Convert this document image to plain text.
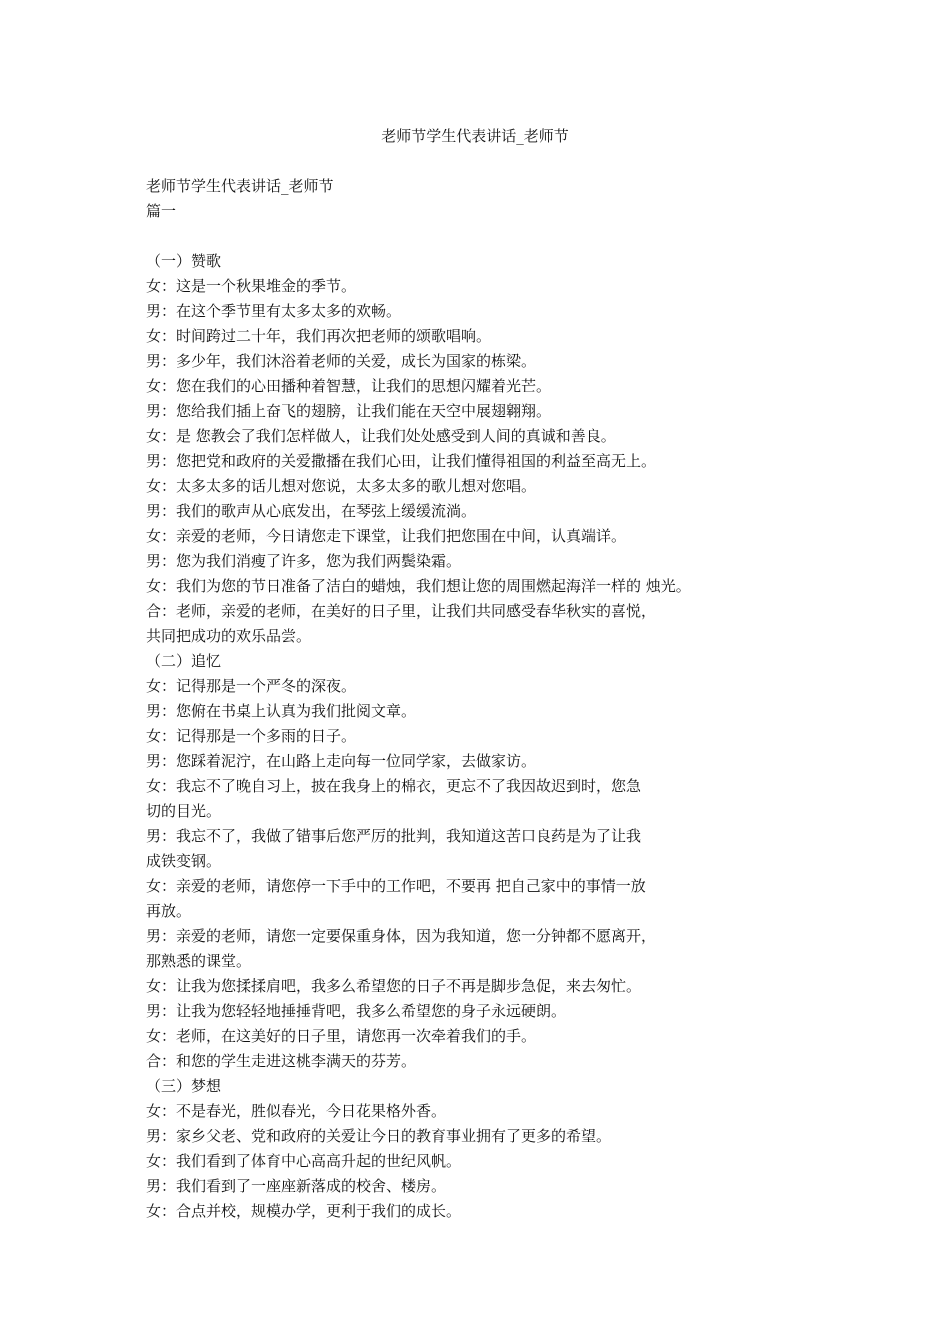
老师节学生代表讲话_老师节
老师节学生代表讲话_老师节
篇一
（一）赞歌
女：这是一个秋果堆金的季节。
男：在这个季节里有太多太多的欢畅。
女：时间跨过二十年，我们再次把老师的颂歌唱响。
男：多少年，我们沐浴着老师的关爱，成长为国家的栋梁。
女：您在我们的心田播种着智慧，让我们的思想闪耀着光芒。
男：您给我们插上奋飞的翅膀，让我们能在天空中展翅翱翔。
女：是 您教会了我们怎样做人，让我们处处感受到人间的真诚和善良。
男：您把党和政府的关爱撒播在我们心田，让我们懂得祖国的利益至高无上。
女：太多太多的话儿想对您说，太多太多的歌儿想对您唱。
男：我们的歌声从心底发出，在琴弦上缓缓流淌。
女：亲爱的老师，今日请您走下课堂，让我们把您围在中间，认真端详。
男：您为我们消瘦了许多，您为我们两鬓染霜。
女：我们为您的节日准备了洁白的蜡烛，我们想让您的周围燃起海洋一样的 烛光。
合：老师，亲爱的老师，在美好的日子里，让我们共同感受春华秋实的喜悦，
共同把成功的欢乐品尝。
（二）追忆
女：记得那是一个严冬的深夜。
男：您俯在书桌上认真为我们批阅文章。
女：记得那是一个多雨的日子。
男：您踩着泥泞，在山路上走向每一位同学家，去做家访。
女：我忘不了晚自习上，披在我身上的棉衣，更忘不了我因故迟到时，您急
切的目光。
男：我忘不了，我做了错事后您严厉的批判，我知道这苦口良药是为了让我
成铁变钢。
女：亲爱的老师，请您停一下手中的工作吧，不要再 把自己家中的事情一放
再放。
男：亲爱的老师，请您一定要保重身体，因为我知道，您一分钟都不愿离开，
那熟悉的课堂。
女：让我为您揉揉肩吧，我多么希望您的日子不再是脚步急促，来去匆忙。
男：让我为您轻轻地捶捶背吧，我多么希望您的身子永远硬朗。
女：老师，在这美好的日子里，请您再一次牵着我们的手。
合：和您的学生走进这桃李满天的芬芳。
（三）梦想
女：不是春光，胜似春光，今日花果格外香。
男：家乡父老、党和政府的关爱让今日的教育事业拥有了更多的希望。
女：我们看到了体育中心高高升起的世纪风帆。
男：我们看到了一座座新落成的校舍、楼房。
女：合点并校，规模办学，更利于我们的成长。
